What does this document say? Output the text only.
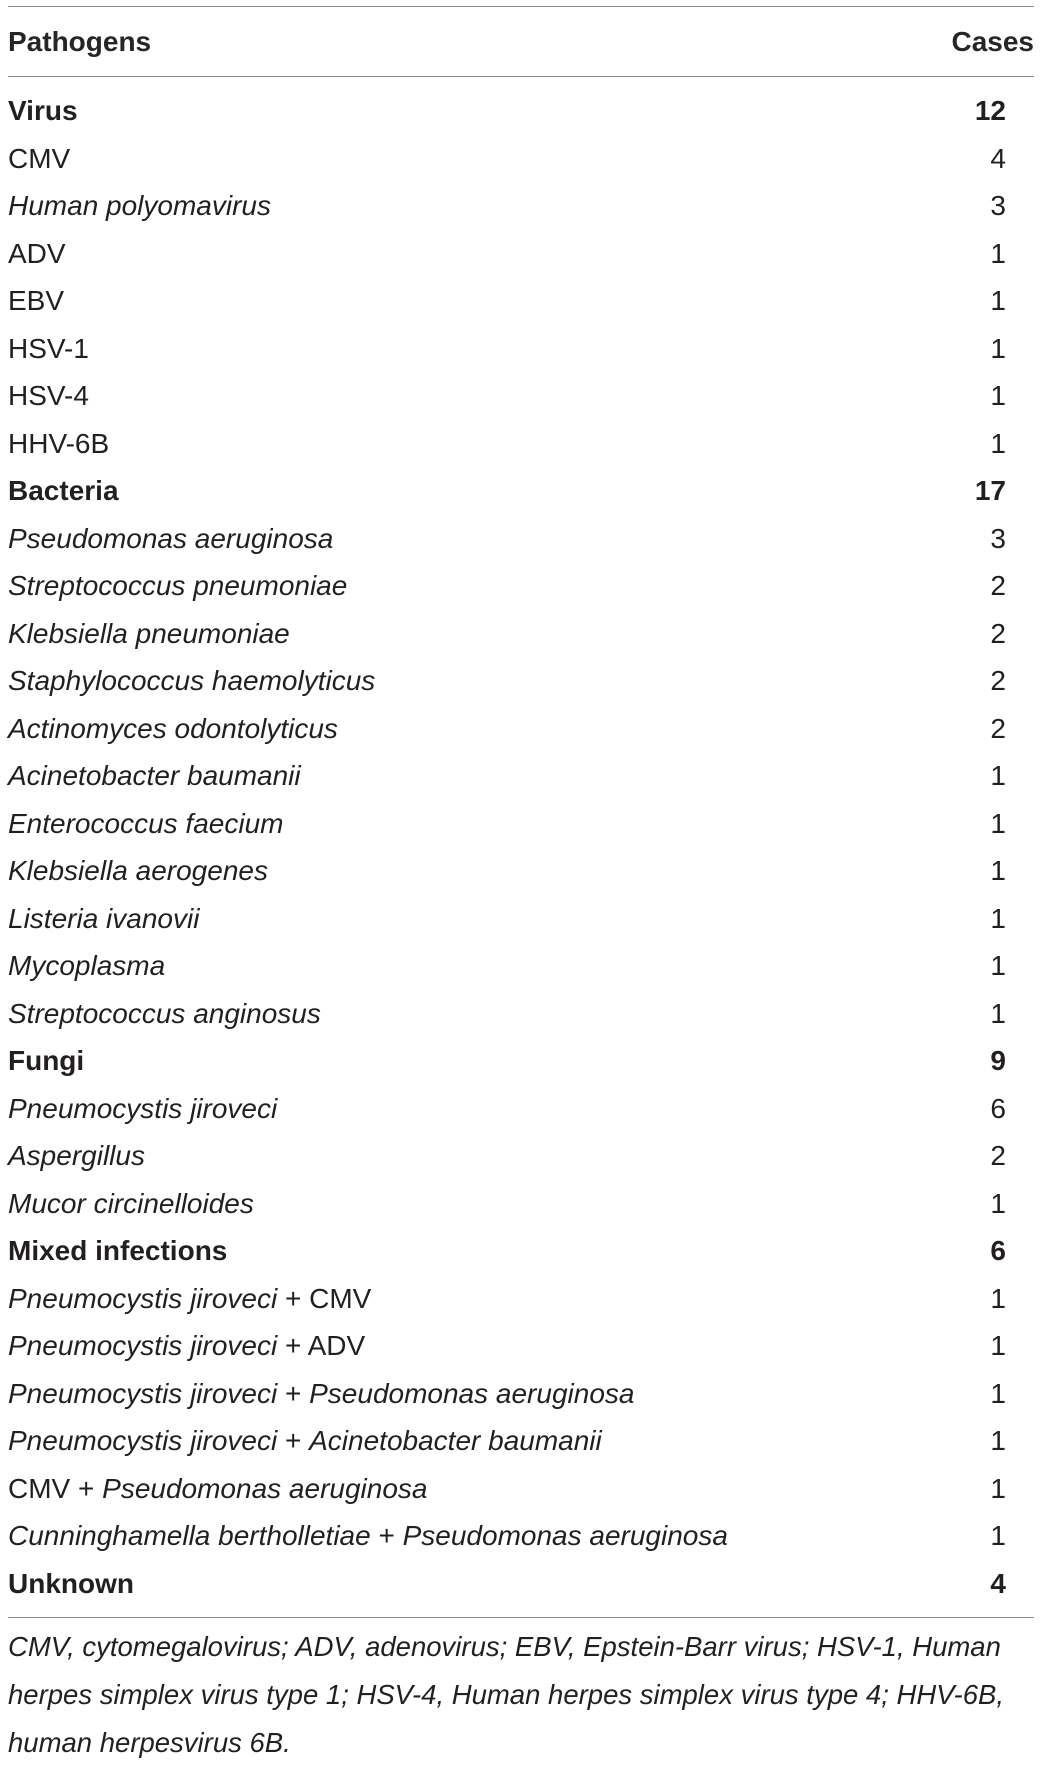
Pathogens	Cases
Virus	12
CMV	4
Human polyomavirus	3
ADV	1
EBV	1
HSV-1	1
HSV-4	1
HHV-6B	1
Bacteria	17
Pseudomonas aeruginosa	3
Streptococcus pneumoniae	2
Klebsiella pneumoniae	2
Staphylococcus haemolyticus	2
Actinomyces odontolyticus	2
Acinetobacter baumanii	1
Enterococcus faecium	1
Klebsiella aerogenes	1
Listeria ivanovii	1
Mycoplasma	1
Streptococcus anginosus	1
Fungi	9
Pneumocystis jiroveci	6
Aspergillus	2
Mucor circinelloides	1
Mixed infections	6
Pneumocystis jiroveci + CMV	1
Pneumocystis jiroveci + ADV	1
Pneumocystis jiroveci + Pseudomonas aeruginosa	1
Pneumocystis jiroveci + Acinetobacter baumanii	1
CMV + Pseudomonas aeruginosa	1
Cunninghamella bertholletiae + Pseudomonas aeruginosa	1
Unknown	4
CMV, cytomegalovirus; ADV, adenovirus; EBV, Epstein-Barr virus; HSV-1, Human
herpes simplex virus type 1; HSV-4, Human herpes simplex virus type 4; HHV-6B,
human herpesvirus 6B.
